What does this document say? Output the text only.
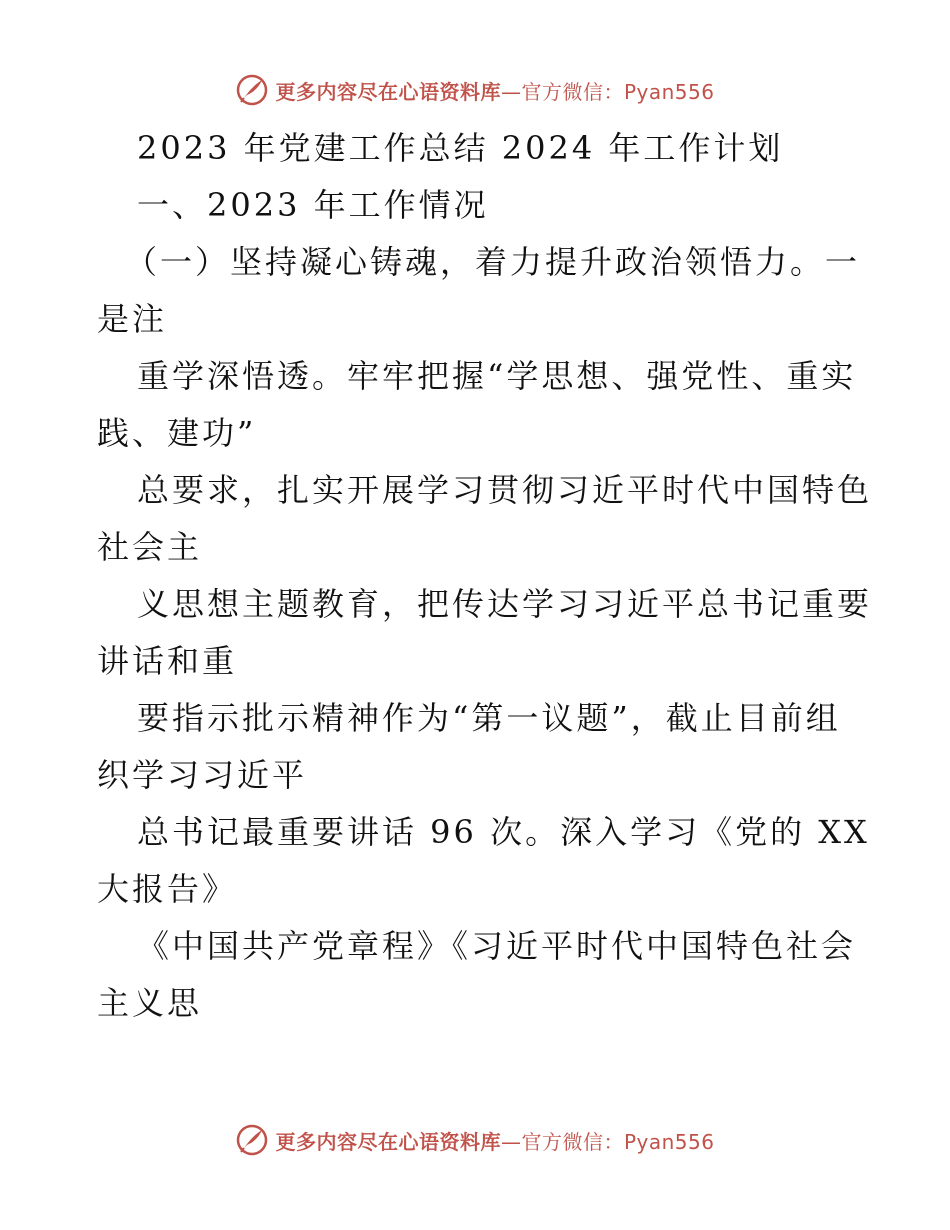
更多内容尽在心语资料库—官方微信：Pyan556
2023 年党建工作总结 2024 年工作计划
一、2023 年工作情况
（一）坚持凝心铸魂，着力提升政治领悟力。一
是注
重学深悟透。牢牢把握“学思想、强党性、重实
践、建功”
总要求，扎实开展学习贯彻习近平时代中国特色
社会主
义思想主题教育，把传达学习习近平总书记重要
讲话和重
要指示批示精神作为“第一议题”，截止目前组
织学习习近平
总书记最重要讲话 96 次。深入学习《党的 XX
大报告》
《中国共产党章程》《习近平时代中国特色社会
主义思
更多内容尽在心语资料库—官方微信：Pyan556
